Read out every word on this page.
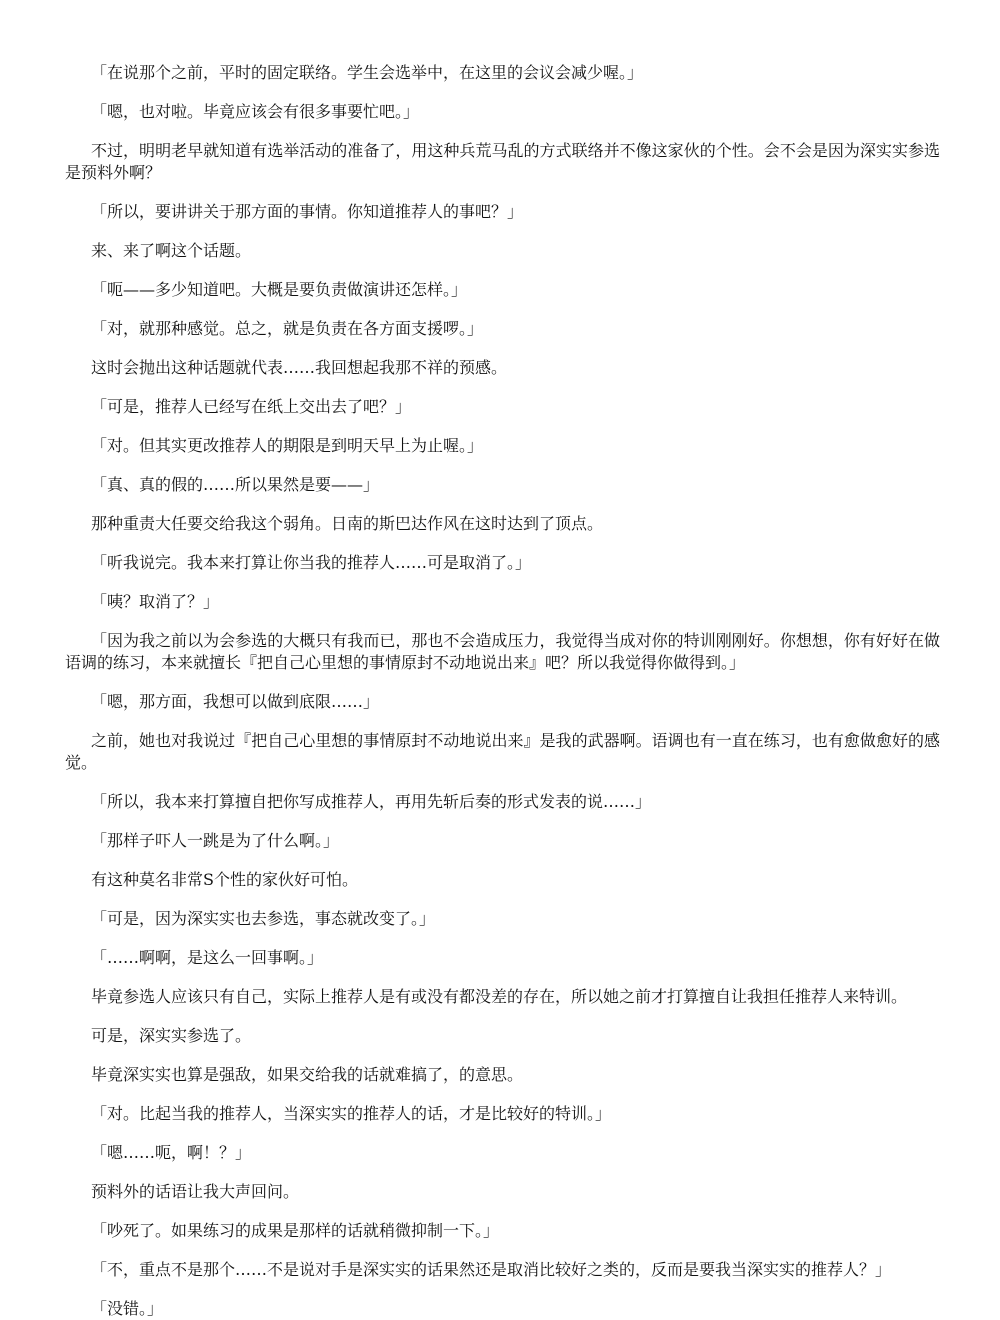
「在说那个之前，平时的固定联络。学生会选举中，在这里的会议会减少喔。」

「嗯，也对啦。毕竟应该会有很多事要忙吧。」

不过，明明老早就知道有选举活动的准备了，用这种兵荒马乱的方式联络并不像这家伙的个性。会不会是因为深实实参选是预料外啊？

「所以，要讲讲关于那方面的事情。你知道推荐人的事吧？」

来、来了啊这个话题。

「呃——多少知道吧。大概是要负责做演讲还怎样。」

「对，就那种感觉。总之，就是负责在各方面支援啰。」

这时会抛出这种话题就代表……我回想起我那不祥的预感。

「可是，推荐人已经写在纸上交出去了吧？」

「对。但其实更改推荐人的期限是到明天早上为止喔。」

「真、真的假的……所以果然是要——」

那种重责大任要交给我这个弱角。日南的斯巴达作风在这时达到了顶点。

「听我说完。我本来打算让你当我的推荐人……可是取消了。」

「咦？取消了？」

「因为我之前以为会参选的大概只有我而已，那也不会造成压力，我觉得当成对你的特训刚刚好。你想想，你有好好在做语调的练习，本来就擅长『把自己心里想的事情原封不动地说出来』吧？所以我觉得你做得到。」

「嗯，那方面，我想可以做到底限……」

之前，她也对我说过『把自己心里想的事情原封不动地说出来』是我的武器啊。语调也有一直在练习，也有愈做愈好的感觉。

「所以，我本来打算擅自把你写成推荐人，再用先斩后奏的形式发表的说……」

「那样子吓人一跳是为了什么啊。」

有这种莫名非常S个性的家伙好可怕。

「可是，因为深实实也去参选，事态就改变了。」

「……啊啊，是这么一回事啊。」

毕竟参选人应该只有自己，实际上推荐人是有或没有都没差的存在，所以她之前才打算擅自让我担任推荐人来特训。

可是，深实实参选了。

毕竟深实实也算是强敌，如果交给我的话就难搞了，的意思。

「对。比起当我的推荐人，当深实实的推荐人的话，才是比较好的特训。」

「嗯……呃，啊！？」

预料外的话语让我大声回问。

「吵死了。如果练习的成果是那样的话就稍微抑制一下。」

「不，重点不是那个……不是说对手是深实实的话果然还是取消比较好之类的，反而是要我当深实实的推荐人？」

「没错。」
